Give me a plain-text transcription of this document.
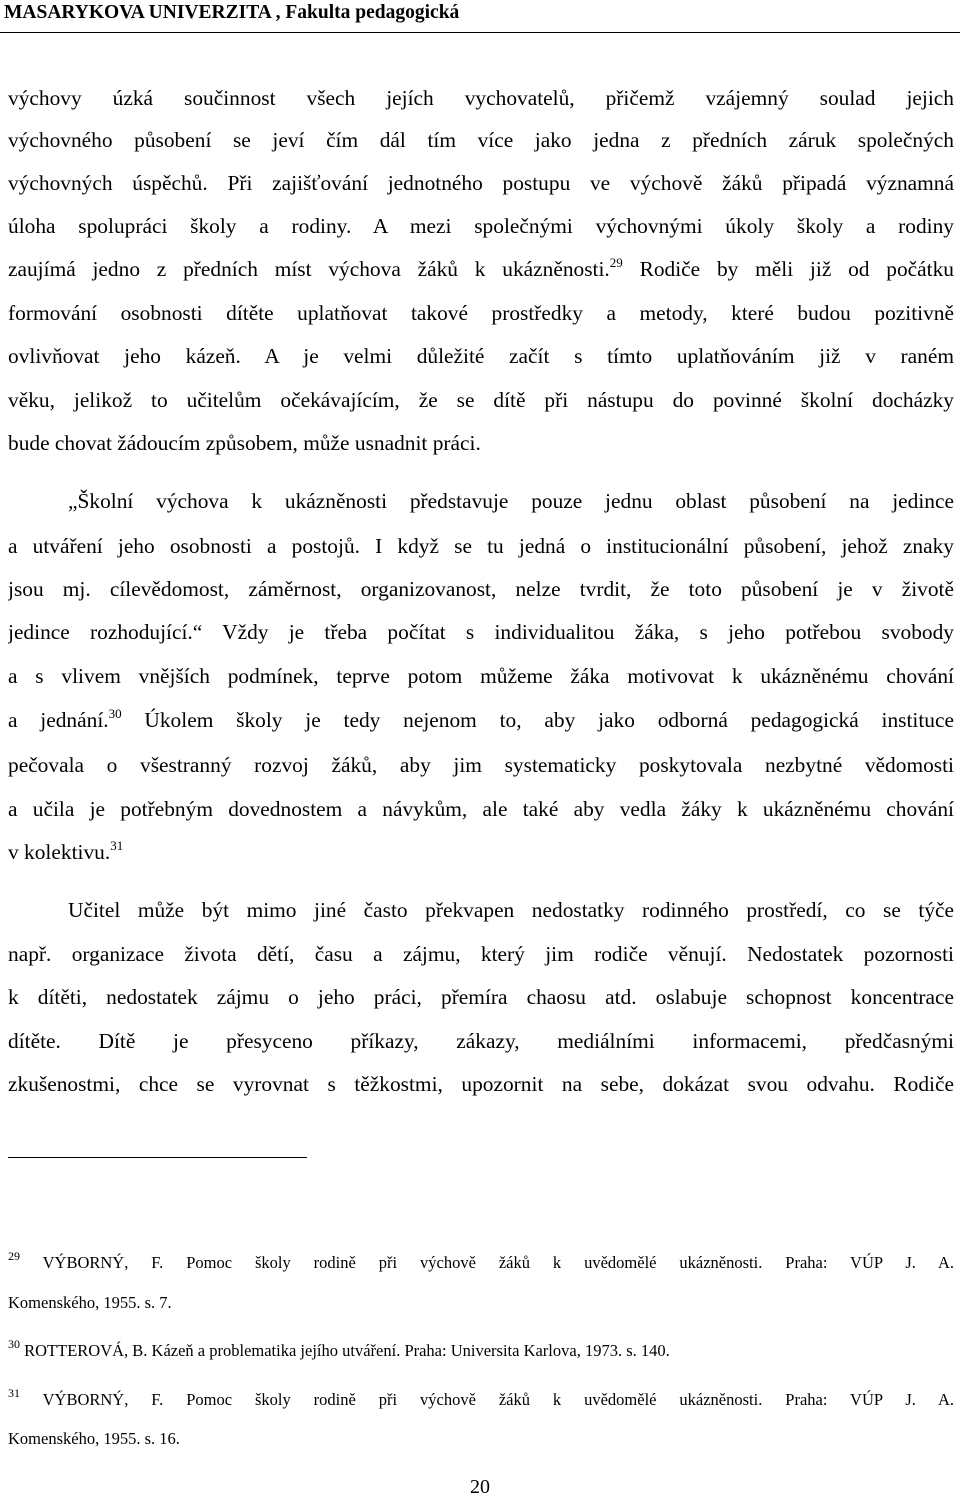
MASARYKOVA UNIVERZITA , Fakulta pedagogická
výchovy úzká součinnost všech jejích vychovatelů, přičemž vzájemný soulad jejich
výchovného působení se jeví čím dál tím více jako jedna z předních záruk společných
výchovných úspěchů. Při zajišťování jednotného postupu ve výchově žáků připadá významná
úloha spolupráci školy a rodiny. A mezi společnými výchovnými úkoly školy a rodiny
zaujímá jedno z předních míst výchova žáků k ukázněnosti.$^{29}$ Rodiče by měli již od počátku
formování osobnosti dítěte uplatňovat takové prostředky a metody, které budou pozitivně
ovlivňovat jeho kázeň. A je velmi důležité začít s tímto uplatňováním již v raném
věku, jelikož to učitelům očekávajícím, že se dítě při nástupu do povinné školní docházky
bude chovat žádoucím způsobem, může usnadnit práci.
„Školní výchova k ukázněnosti představuje pouze jednu oblast působení na jedince
a utváření jeho osobnosti a postojů. I když se tu jedná o institucionální působení, jehož znaky
jsou mj. cílevědomost, záměrnost, organizovanost, nelze tvrdit, že toto působení je v životě
jedince rozhodující.“ Vždy je třeba počítat s individualitou žáka, s jeho potřebou svobody
a s vlivem vnějších podmínek, teprve potom můžeme žáka motivovat k ukázněnému chování
a jednání.$^{30}$ Úkolem školy je tedy nejenom to, aby jako odborná pedagogická instituce
pečovala o všestranný rozvoj žáků, aby jim systematicky poskytovala nezbytné vědomosti
a učila je potřebným dovednostem a návykům, ale také aby vedla žáky k ukázněnému chování
v kolektivu.$^{31}$
Učitel může být mimo jiné často překvapen nedostatky rodinného prostředí, co se týče
např. organizace života dětí, času a zájmu, který jim rodiče věnují. Nedostatek pozornosti
k dítěti, nedostatek zájmu o jeho práci, přemíra chaosu atd. oslabuje schopnost koncentrace
dítěte. Dítě je přesyceno příkazy, zákazy, mediálními informacemi, předčasnými
zkušenostmi, chce se vyrovnat s těžkostmi, upozornit na sebe, dokázat svou odvahu. Rodiče
$^{29}$ VÝBORNÝ, F. Pomoc školy rodině při výchově žáků k uvědomělé ukázněnosti. Praha: VÚP J. A.
Komenského, 1955. s. 7.
$^{30}$ ROTTEROVÁ, B. Kázeň a problematika jejího utváření. Praha: Universita Karlova, 1973. s. 140.
$^{31}$ VÝBORNÝ, F. Pomoc školy rodině při výchově žáků k uvědomělé ukázněnosti. Praha: VÚP J. A.
Komenského, 1955. s. 16.
20
